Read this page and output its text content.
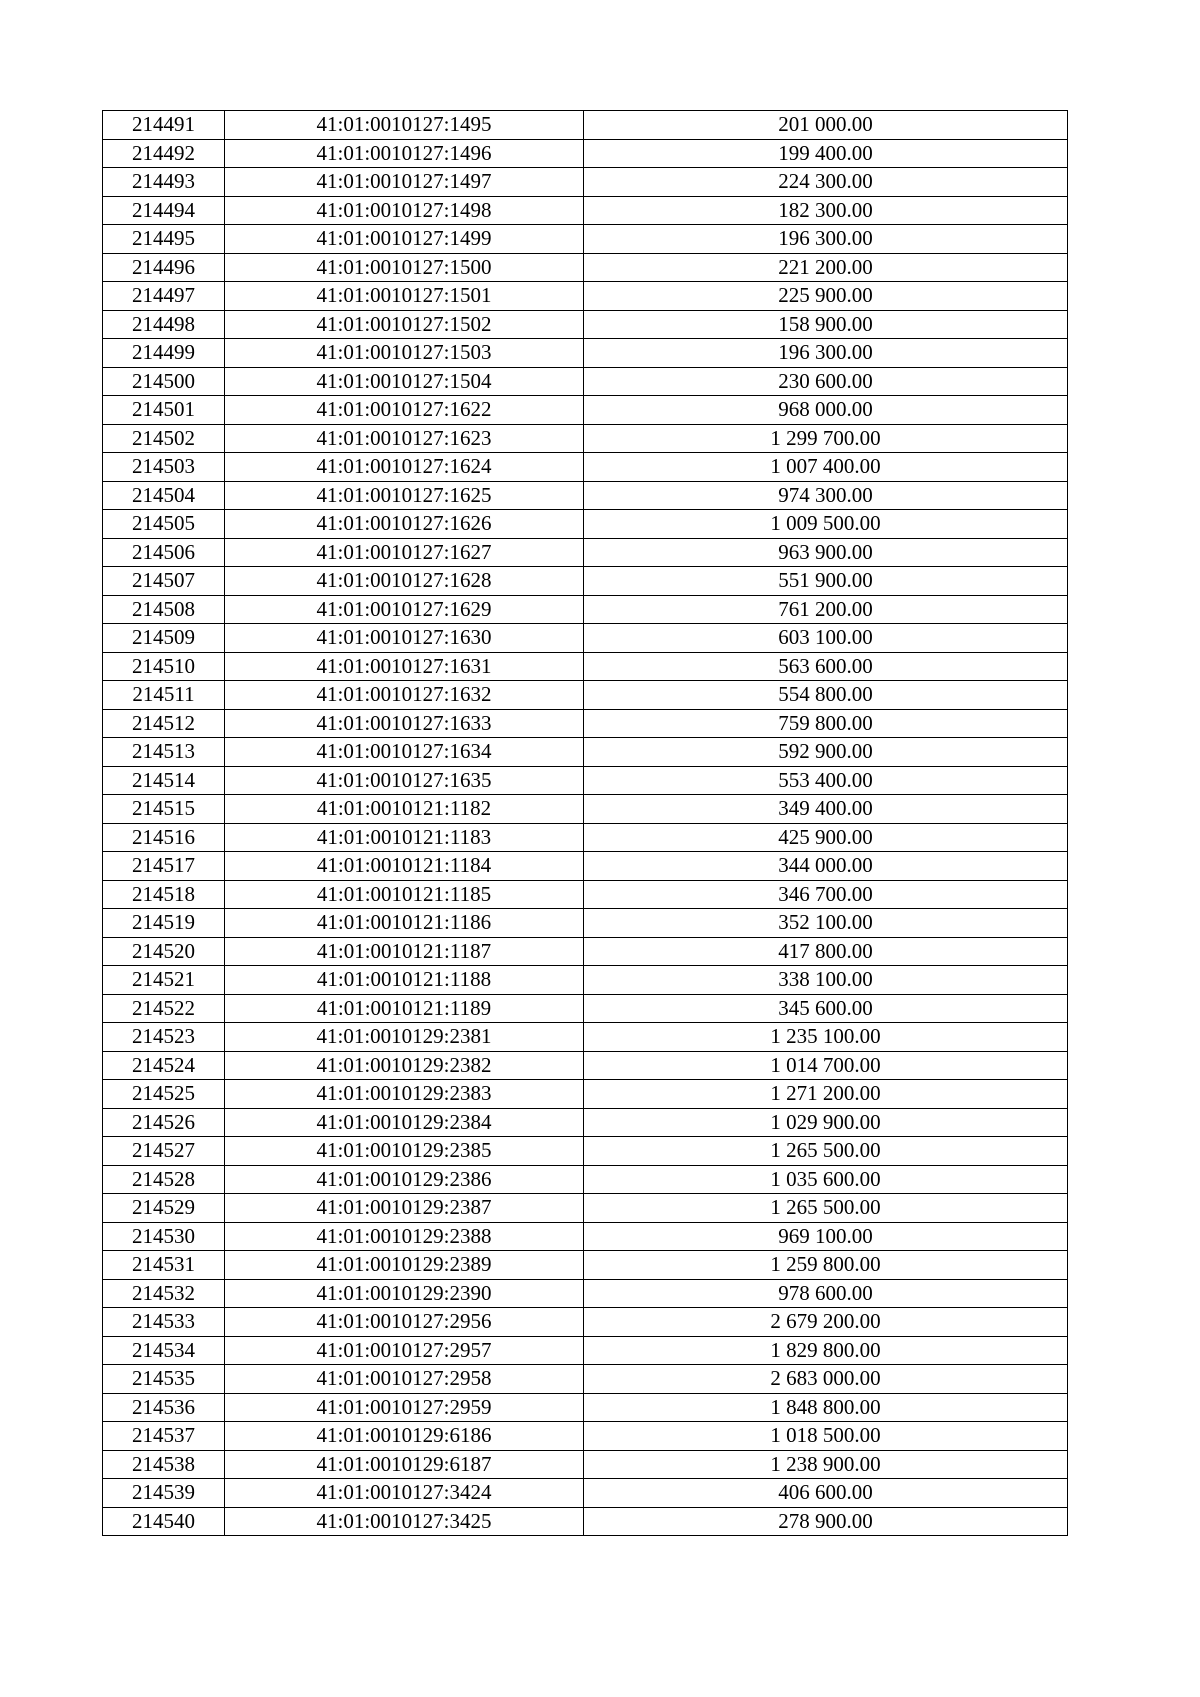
214491	41:01:0010127:1495	201 000.00
214492	41:01:0010127:1496	199 400.00
214493	41:01:0010127:1497	224 300.00
214494	41:01:0010127:1498	182 300.00
214495	41:01:0010127:1499	196 300.00
214496	41:01:0010127:1500	221 200.00
214497	41:01:0010127:1501	225 900.00
214498	41:01:0010127:1502	158 900.00
214499	41:01:0010127:1503	196 300.00
214500	41:01:0010127:1504	230 600.00
214501	41:01:0010127:1622	968 000.00
214502	41:01:0010127:1623	1 299 700.00
214503	41:01:0010127:1624	1 007 400.00
214504	41:01:0010127:1625	974 300.00
214505	41:01:0010127:1626	1 009 500.00
214506	41:01:0010127:1627	963 900.00
214507	41:01:0010127:1628	551 900.00
214508	41:01:0010127:1629	761 200.00
214509	41:01:0010127:1630	603 100.00
214510	41:01:0010127:1631	563 600.00
214511	41:01:0010127:1632	554 800.00
214512	41:01:0010127:1633	759 800.00
214513	41:01:0010127:1634	592 900.00
214514	41:01:0010127:1635	553 400.00
214515	41:01:0010121:1182	349 400.00
214516	41:01:0010121:1183	425 900.00
214517	41:01:0010121:1184	344 000.00
214518	41:01:0010121:1185	346 700.00
214519	41:01:0010121:1186	352 100.00
214520	41:01:0010121:1187	417 800.00
214521	41:01:0010121:1188	338 100.00
214522	41:01:0010121:1189	345 600.00
214523	41:01:0010129:2381	1 235 100.00
214524	41:01:0010129:2382	1 014 700.00
214525	41:01:0010129:2383	1 271 200.00
214526	41:01:0010129:2384	1 029 900.00
214527	41:01:0010129:2385	1 265 500.00
214528	41:01:0010129:2386	1 035 600.00
214529	41:01:0010129:2387	1 265 500.00
214530	41:01:0010129:2388	969 100.00
214531	41:01:0010129:2389	1 259 800.00
214532	41:01:0010129:2390	978 600.00
214533	41:01:0010127:2956	2 679 200.00
214534	41:01:0010127:2957	1 829 800.00
214535	41:01:0010127:2958	2 683 000.00
214536	41:01:0010127:2959	1 848 800.00
214537	41:01:0010129:6186	1 018 500.00
214538	41:01:0010129:6187	1 238 900.00
214539	41:01:0010127:3424	406 600.00
214540	41:01:0010127:3425	278 900.00
